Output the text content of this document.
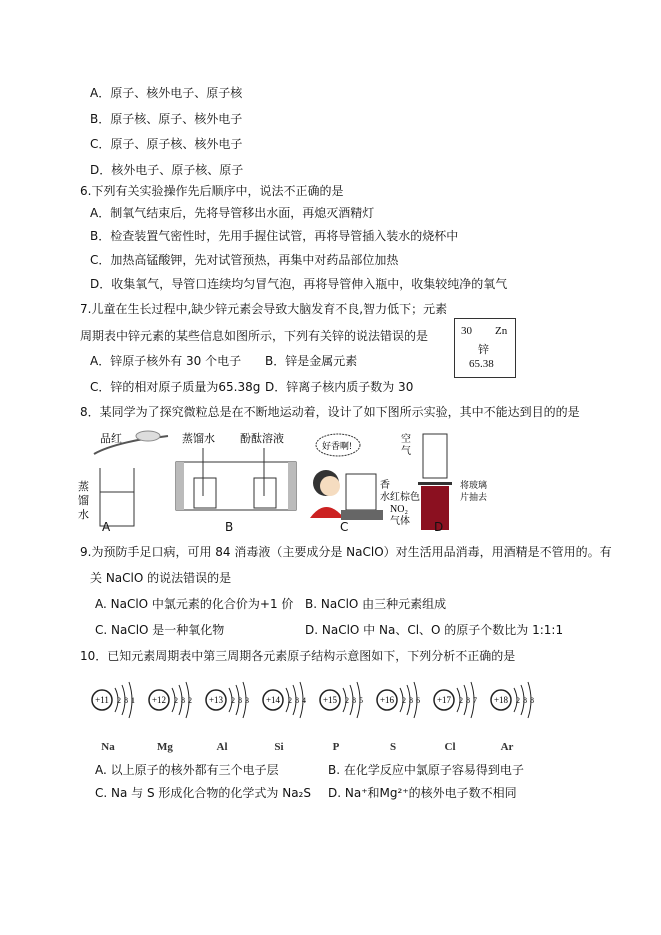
A．原子、核外电子、原子核
B．原子核、原子、核外电子
C．原子、原子核、核外电子
D．核外电子、原子核、原子
6.下列有关实验操作先后顺序中，说法不正确的是
A．制氧气结束后，先将导管移出水面，再熄灭酒精灯
B．检查装置气密性时，先用手握住试管，再将导管插入装水的烧杯中
C．加热高锰酸钾，先对试管预热，再集中对药品部位加热
D．收集氧气，导管口连续均匀冒气泡，再将导管伸入瓶中，收集较纯净的氧气
7.儿童在生长过程中,缺少锌元素会导致大脑发育不良,智力低下；元素
周期表中锌元素的某些信息如图所示，下列有关锌的说法错误的是
A．锌原子核外有 30 个电子 B．锌是金属元素
C．锌的相对原子质量为65.38g D．锌离子核内质子数为 30
30 Zn
锌
65.38
8．某同学为了探究微粒总是在不断地运动着，设计了如下图所示实验，其中不能达到目的的是
品红
蒸
馏
水
蒸馏水 酚酞溶液
好香啊!
香
水 红棕色
NO₂
气体
空
气
将玻璃
片抽去
A	B	C	D
9.为预防手足口病，可用 84 消毒液（主要成分是 NaClO）对生活用品消毒，用酒精是不管用的。有
关 NaClO 的说法错误的是
A. NaClO 中氯元素的化合价为+1 价 B. NaClO 由三种元素组成
C. NaClO 是一种氧化物	D. NaClO 中 Na、Cl、O 的原子个数比为 1:1:1
10．已知元素周期表中第三周期各元素原子结构示意图如下，下列分析不正确的是
+11 2 8 1
Na
+12 2 8 2
Mg
+13 2 8 3
Al
+14 2 8 4
Si
+15 2 8 5
P
+16 2 8 6
S
+17 2 8 7
Cl
+18 2 8 8
Ar
A. 以上原子的核外都有三个电子层	B. 在化学反应中氯原子容易得到电子
C. Na 与 S 形成化合物的化学式为 Na₂S D. Na⁺和Mg²⁺的核外电子数不相同
